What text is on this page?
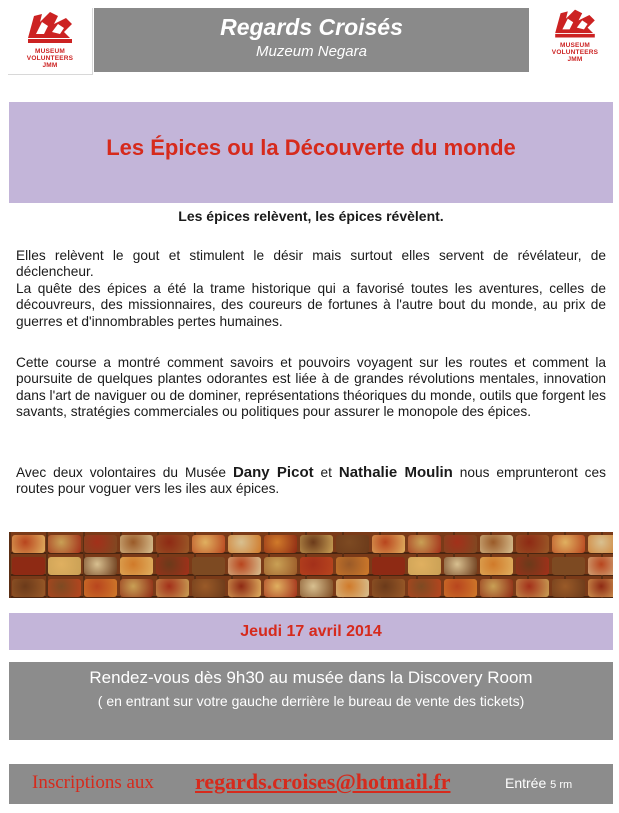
MUSEUM
VOLUNTEERS
JMM
Regards Croisés
Muzeum Negara	MUSEUM
VOLUNTEERS
JMM
Les Épices ou la Découverte du monde
Les épices relèvent, les épices révèlent.
Elles relèvent le gout et stimulent le désir mais surtout elles servent de révélateur, de déclencheur.
La quête des épices a été la trame historique qui a favorisé toutes les aventures, celles de découvreurs, des missionnaires, des coureurs de fortunes à l'autre bout du monde, au prix de guerres et d'innombrables pertes humaines.
Cette course a montré comment savoirs et pouvoirs voyagent sur les routes et comment la poursuite de quelques plantes odorantes est liée à de grandes révolutions mentales, innovation dans l'art de naviguer ou de dominer, représentations théoriques du monde, outils que forgent les savants, stratégies commerciales ou politiques pour assurer le monopole des épices.
Avec deux volontaires du Musée Dany Picot et Nathalie Moulin nous emprunteront ces routes pour voguer vers les iles aux épices.
Jeudi 17 avril 2014
Rendez-vous dès 9h30 au musée dans la Discovery Room
( en entrant sur votre gauche derrière le bureau de vente des tickets)
Inscriptions aux regards.croises@hotmail.fr	Entrée 5 rm
